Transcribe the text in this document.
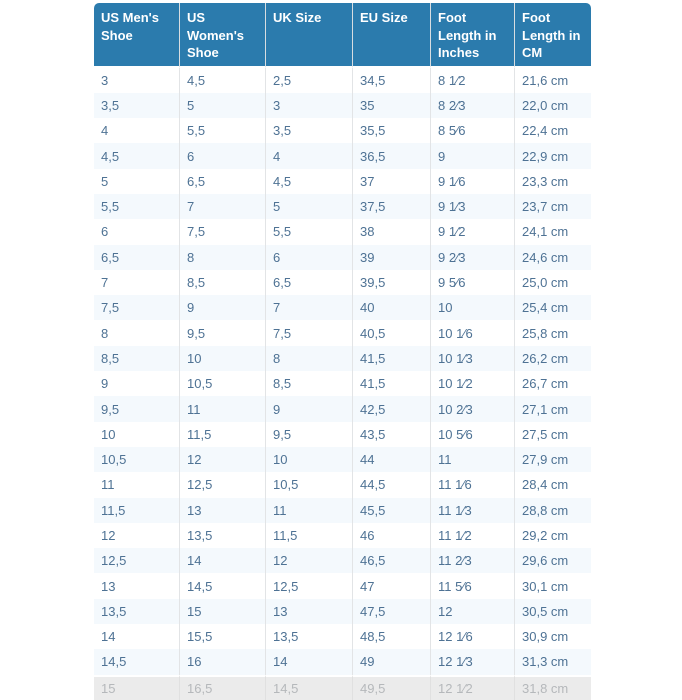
US Men's Shoe	US Women's Shoe	UK Size	EU Size	Foot Length in Inches	Foot Length in CM
3	4,5	2,5	34,5	8 1⁄2	21,6 cm
3,5	5	3	35	8 2⁄3	22,0 cm
4	5,5	3,5	35,5	8 5⁄6	22,4 cm
4,5	6	4	36,5	9	22,9 cm
5	6,5	4,5	37	9 1⁄6	23,3 cm
5,5	7	5	37,5	9 1⁄3	23,7 cm
6	7,5	5,5	38	9 1⁄2	24,1 cm
6,5	8	6	39	9 2⁄3	24,6 cm
7	8,5	6,5	39,5	9 5⁄6	25,0 cm
7,5	9	7	40	10	25,4 cm
8	9,5	7,5	40,5	10 1⁄6	25,8 cm
8,5	10	8	41,5	10 1⁄3	26,2 cm
9	10,5	8,5	41,5	10 1⁄2	26,7 cm
9,5	11	9	42,5	10 2⁄3	27,1 cm
10	11,5	9,5	43,5	10 5⁄6	27,5 cm
10,5	12	10	44	11	27,9 cm
11	12,5	10,5	44,5	11 1⁄6	28,4 cm
11,5	13	11	45,5	11 1⁄3	28,8 cm
12	13,5	11,5	46	11 1⁄2	29,2 cm
12,5	14	12	46,5	11 2⁄3	29,6 cm
13	14,5	12,5	47	11 5⁄6	30,1 cm
13,5	15	13	47,5	12	30,5 cm
14	15,5	13,5	48,5	12 1⁄6	30,9 cm
14,5	16	14	49	12 1⁄3	31,3 cm
15	16,5	14,5	49,5	12 1⁄2	31,8 cm
